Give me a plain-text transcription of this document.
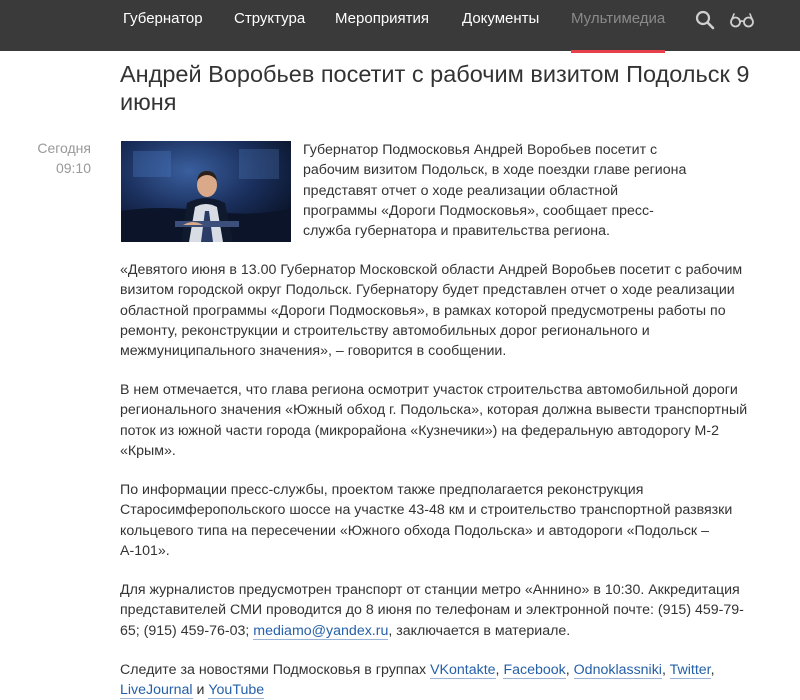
Губернатор Структура Мероприятия Документы Мультимедиа
Андрей Воробьев посетит с рабочим визитом Подольск 9 июня
Сегодня
09:10
Губернатор Подмосковья Андрей Воробьев посетит с рабочим визитом Подольск, в ходе поездки главе региона представят отчет о ходе реализации областной программы «Дороги Подмосковья», сообщает пресс-служба губернатора и правительства региона.

«Девятого июня в 13.00 Губернатор Московской области Андрей Воробьев посетит с рабочим визитом городской округ Подольск. Губернатору будет представлен отчет о ходе реализации областной программы «Дороги Подмосковья», в рамках которой предусмотрены работы по ремонту, реконструкции и строительству автомобильных дорог регионального и межмуниципального значения», – говорится в сообщении.

В нем отмечается, что глава региона осмотрит участок строительства автомобильной дороги регионального значения «Южный обход г. Подольска», которая должна вывести транспортный поток из южной части города (микрорайона «Кузнечики») на федеральную автодорогу М-2 «Крым».

По информации пресс-службы, проектом также предполагается реконструкция Старосимферопольского шоссе на участке 43-48 км и строительство транспортной развязки кольцевого типа на пересечении «Южного обхода Подольска» и автодороги «Подольск – А-101».

Для журналистов предусмотрен транспорт от станции метро «Аннино» в 10:30. Аккредитация представителей СМИ проводится до 8 июня по телефонам и электронной почте: (915) 459-79-65; (915) 459-76-03; mediamo@yandex.ru, заключается в материале.

Следите за новостями Подмосковья в группах VKontakte, Facebook, Odnoklassniki, Twitter, LiveJournal и YouTube
